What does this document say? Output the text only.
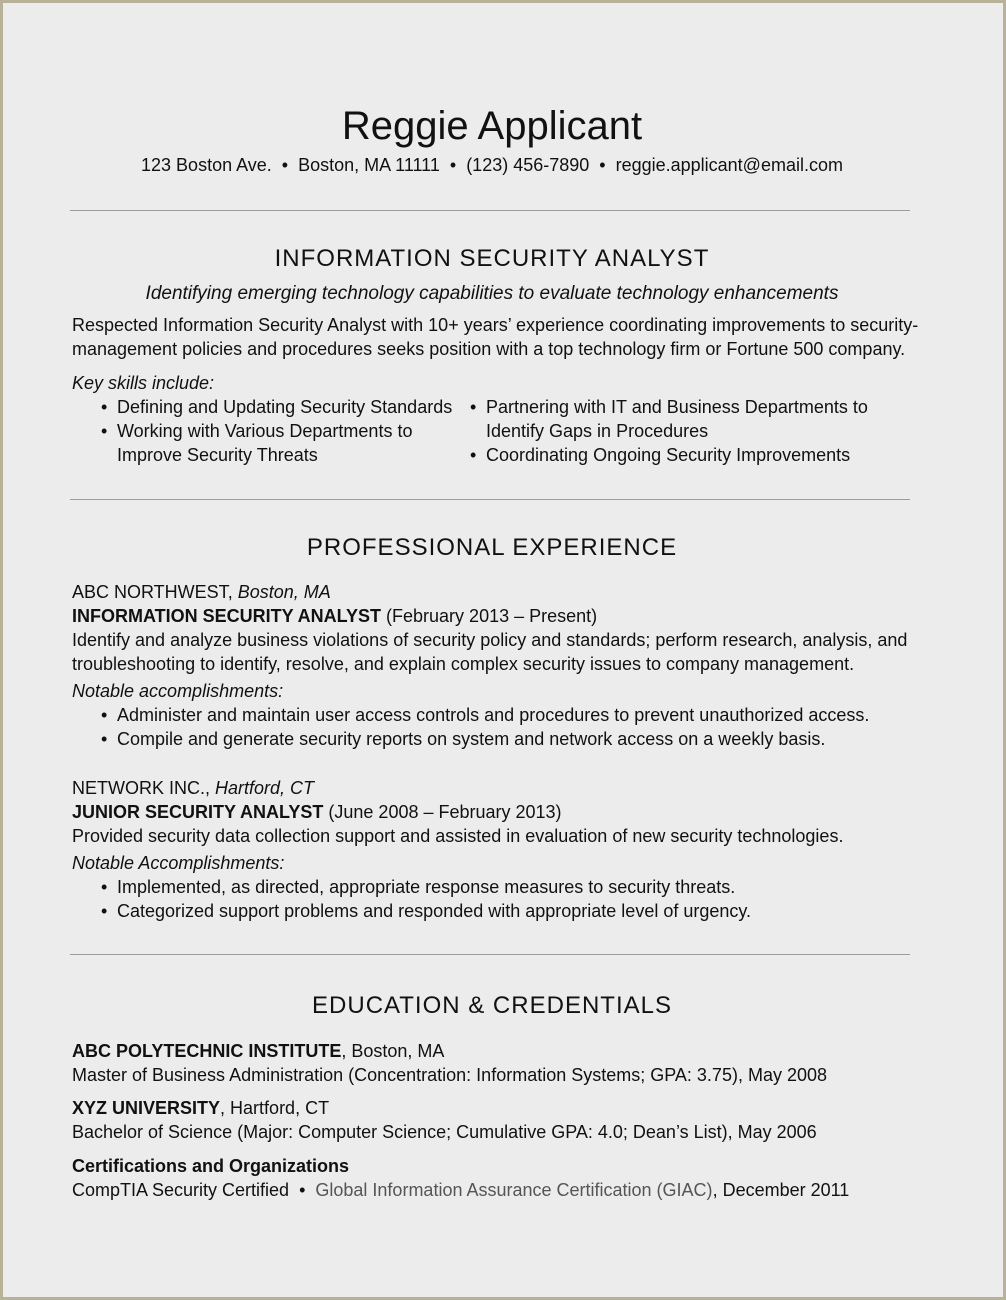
Reggie Applicant
123 Boston Ave. • Boston, MA 11111 • (123) 456-7890 • reggie.applicant@email.com
INFORMATION SECURITY ANALYST
Identifying emerging technology capabilities to evaluate technology enhancements
Respected Information Security Analyst with 10+ years’ experience coordinating improvements to security-
management policies and procedures seeks position with a top technology firm or Fortune 500 company.
Key skills include:
• Defining and Updating Security Standards
• Working with Various Departments to
Improve Security Threats
• Partnering with IT and Business Departments to
Identify Gaps in Procedures
• Coordinating Ongoing Security Improvements
PROFESSIONAL EXPERIENCE
ABC NORTHWEST, Boston, MA
INFORMATION SECURITY ANALYST (February 2013 – Present)
Identify and analyze business violations of security policy and standards; perform research, analysis, and
troubleshooting to identify, resolve, and explain complex security issues to company management.
Notable accomplishments:
• Administer and maintain user access controls and procedures to prevent unauthorized access.
• Compile and generate security reports on system and network access on a weekly basis.
NETWORK INC., Hartford, CT
JUNIOR SECURITY ANALYST (June 2008 – February 2013)
Provided security data collection support and assisted in evaluation of new security technologies.
Notable Accomplishments:
• Implemented, as directed, appropriate response measures to security threats.
• Categorized support problems and responded with appropriate level of urgency.
EDUCATION & CREDENTIALS
ABC POLYTECHNIC INSTITUTE, Boston, MA
Master of Business Administration (Concentration: Information Systems; GPA: 3.75), May 2008
XYZ UNIVERSITY, Hartford, CT
Bachelor of Science (Major: Computer Science; Cumulative GPA: 4.0; Dean’s List), May 2006
Certifications and Organizations
CompTIA Security Certified • Global Information Assurance Certification (GIAC), December 2011
